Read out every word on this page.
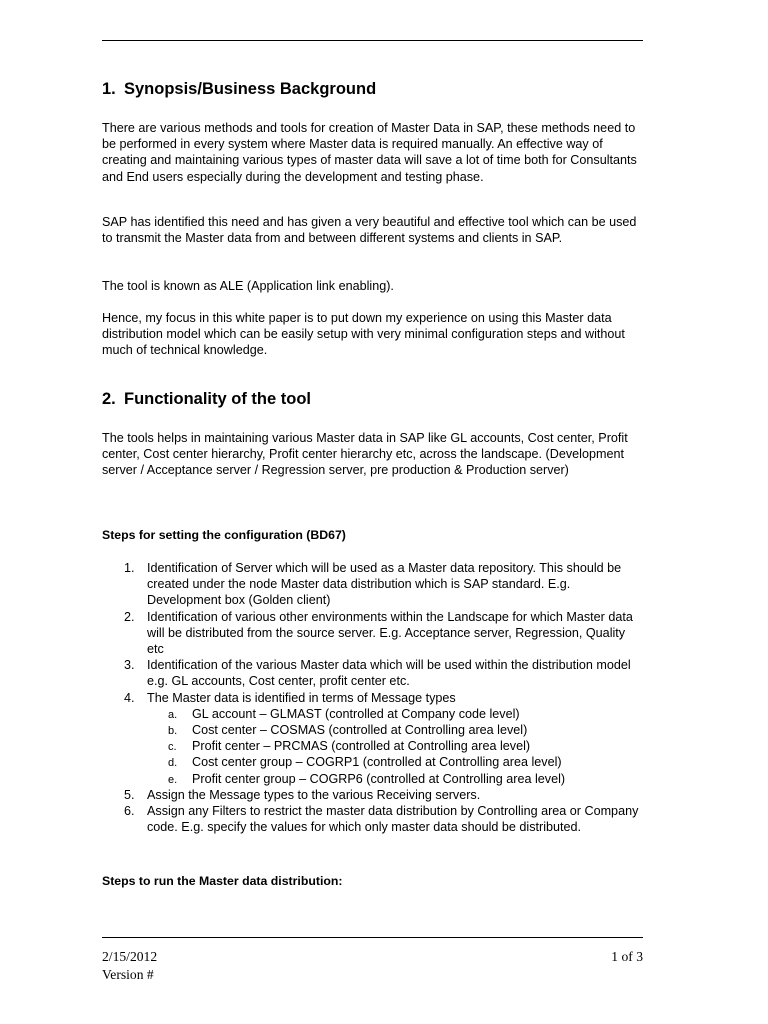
1. Synopsis/Business Background

There are various methods and tools for creation of Master Data in SAP, these methods need to be performed in every system where Master data is required manually. An effective way of creating and maintaining various types of master data will save a lot of time both for Consultants and End users especially during the development and testing phase.

SAP has identified this need and has given a very beautiful and effective tool which can be used to transmit the Master data from and between different systems and clients in SAP.

The tool is known as ALE (Application link enabling).

Hence, my focus in this white paper is to put down my experience on using this Master data distribution model which can be easily setup with very minimal configuration steps and without much of technical knowledge.

2. Functionality of the tool

The tools helps in maintaining various Master data in SAP like GL accounts, Cost center, Profit center, Cost center hierarchy, Profit center hierarchy etc, across the landscape. (Development server / Acceptance server / Regression server, pre production & Production server)

Steps for setting the configuration (BD67)

1. Identification of Server which will be used as a Master data repository. This should be created under the node Master data distribution which is SAP standard. E.g. Development box (Golden client)
2. Identification of various other environments within the Landscape for which Master data will be distributed from the source server. E.g. Acceptance server, Regression, Quality etc
3. Identification of the various Master data which will be used within the distribution model e.g. GL accounts, Cost center, profit center etc.
4. The Master data is identified in terms of Message types
a. GL account – GLMAST (controlled at Company code level)
b. Cost center – COSMAS (controlled at Controlling area level)
c. Profit center – PRCMAS (controlled at Controlling area level)
d. Cost center group – COGRP1 (controlled at Controlling area level)
e. Profit center group – COGRP6 (controlled at Controlling area level)
5. Assign the Message types to the various Receiving servers.
6. Assign any Filters to restrict the master data distribution by Controlling area or Company code. E.g. specify the values for which only master data should be distributed.

Steps to run the Master data distribution:

2/15/2012
Version #
1 of 3
